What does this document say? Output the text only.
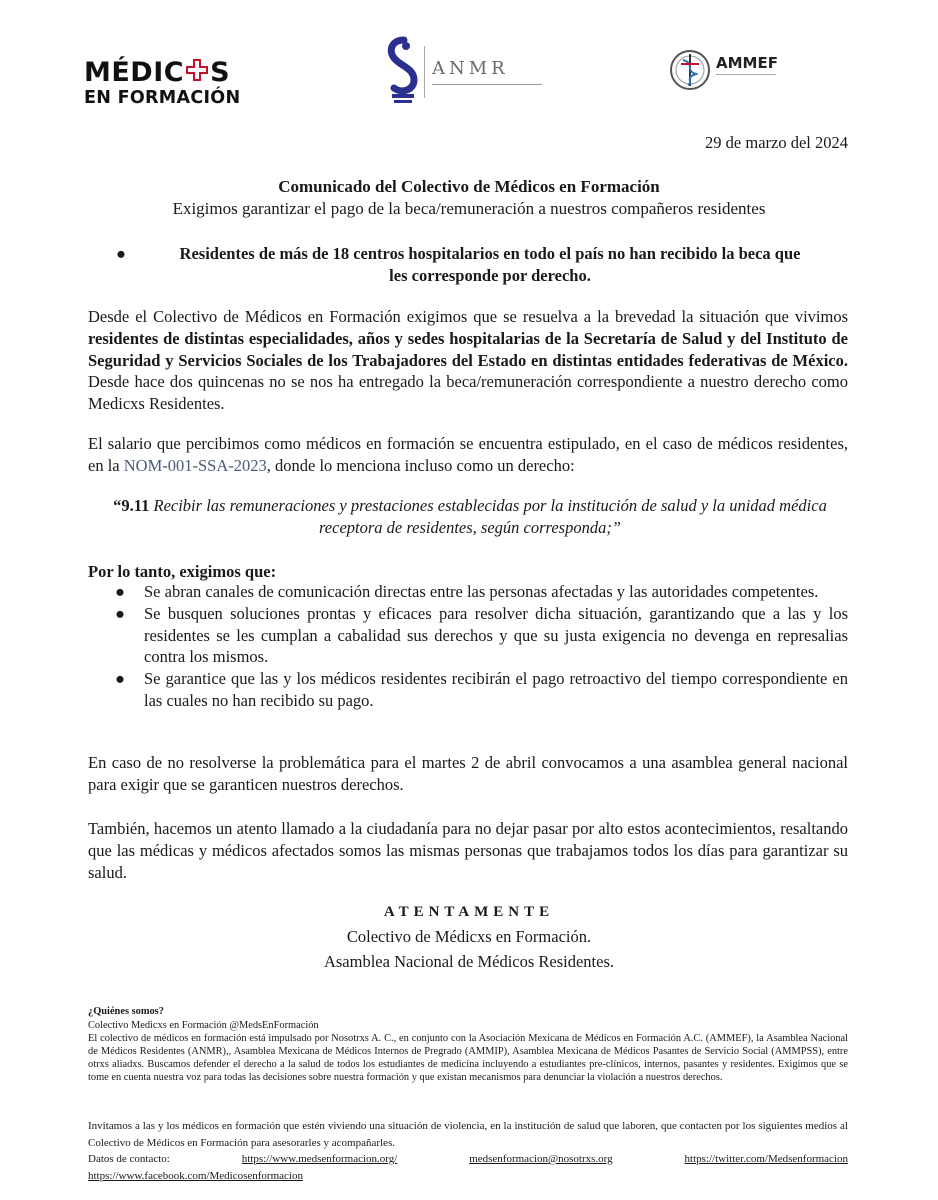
MÉDIC S
EN FORMACIÓN
ANMR	AMMEF
29 de marzo del 2024
Comunicado del Colectivo de Médicos en Formación
Exigimos garantizar el pago de la beca/remuneración a nuestros compañeros residentes
●	Residentes de más de 18 centros hospitalarios en todo el país no han recibido la beca que
les corresponde por derecho.
Desde el Colectivo de Médicos en Formación exigimos que se resuelva a la brevedad la situación que vivimos residentes de distintas especialidades, años y sedes hospitalarias de la Secretaría de Salud y del Instituto de Seguridad y Servicios Sociales de los Trabajadores del Estado en distintas entidades federativas de México. Desde hace dos quincenas no se nos ha entregado la beca/remuneración correspondiente a nuestro derecho como Medicxs Residentes.
El salario que percibimos como médicos en formación se encuentra estipulado, en el caso de médicos residentes, en la NOM-001-SSA-2023, donde lo menciona incluso como un derecho:
“9.11 Recibir las remuneraciones y prestaciones establecidas por la institución de salud y la unidad médica receptora de residentes, según corresponda;”
Por lo tanto, exigimos que:
● Se abran canales de comunicación directas entre las personas afectadas y las autoridades competentes.
● Se busquen soluciones prontas y eficaces para resolver dicha situación, garantizando que a las y los residentes se les cumplan a cabalidad sus derechos y que su justa exigencia no devenga en represalias contra los mismos.
● Se garantice que las y los médicos residentes recibirán el pago retroactivo del tiempo correspondiente en las cuales no han recibido su pago.
En caso de no resolverse la problemática para el martes 2 de abril convocamos a una asamblea general nacional para exigir que se garanticen nuestros derechos.
También, hacemos un atento llamado a la ciudadanía para no dejar pasar por alto estos acontecimientos, resaltando que las médicas y médicos afectados somos las mismas personas que trabajamos todos los días para garantizar su salud.
ATENTAMENTE
Colectivo de Médicxs en Formación.
Asamblea Nacional de Médicos Residentes.
¿Quiénes somos?
Colectivo Medicxs en Formación @MedsEnFormación
El colectivo de médicos en formación está impulsado por Nosotrxs A. C., en conjunto con la Asociación Mexicana de Médicos en Formación A.C. (AMMEF), la Asamblea Nacional de Médicos Residentes (ANMR),, Asamblea Mexicana de Médicos Internos de Pregrado (AMMIP), Asamblea Mexicana de Médicos Pasantes de Servicio Social (AMMPSS), entre otrxs aliadxs. Buscamos defender el derecho a la salud de todos los estudiantes de medicina incluyendo a estudiantes pre-clínicos, internos, pasantes y residentes. Exigimos que se tome en cuenta nuestra voz para todas las decisiones sobre nuestra formación y que existan mecanismos para denunciar la violación a nuestros derechos.
Invitamos a las y los médicos en formación que estén viviendo una situación de violencia, en la institución de salud que laboren, que contacten por los siguientes medios al Colectivo de Médicos en Formación para asesorarles y acompañarles.
Datos de contacto:	https://www.medsenformacion.org/	medsenformacion@nosotrxs.org	https://twitter.com/Medsenformacion
https://www.facebook.com/Medicosenformacion
